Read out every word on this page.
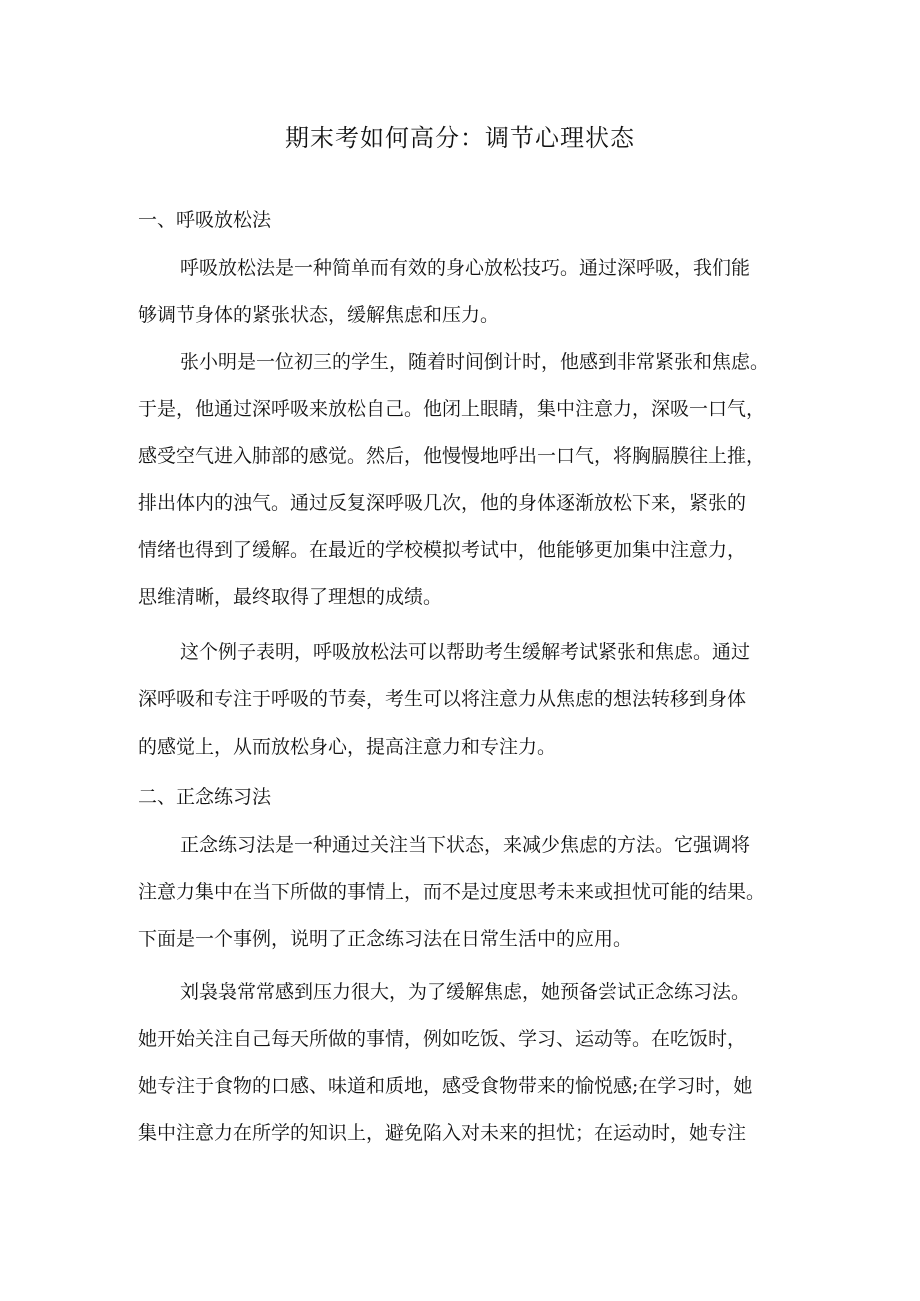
期末考如何高分：调节心理状态

一、呼吸放松法

呼吸放松法是一种简单而有效的身心放松技巧。通过深呼吸，我们能

够调节身体的紧张状态，缓解焦虑和压力。

张小明是一位初三的学生，随着时间倒计时，他感到非常紧张和焦虑。

于是，他通过深呼吸来放松自己。他闭上眼睛，集中注意力，深吸一口气，

感受空气进入肺部的感觉。然后，他慢慢地呼出一口气，将胸膈膜往上推，

排出体内的浊气。通过反复深呼吸几次，他的身体逐渐放松下来，紧张的

情绪也得到了缓解。在最近的学校模拟考试中，他能够更加集中注意力，

思维清晰，最终取得了理想的成绩。

这个例子表明，呼吸放松法可以帮助考生缓解考试紧张和焦虑。通过

深呼吸和专注于呼吸的节奏，考生可以将注意力从焦虑的想法转移到身体

的感觉上，从而放松身心，提高注意力和专注力。

二、正念练习法

正念练习法是一种通过关注当下状态，来减少焦虑的方法。它强调将

注意力集中在当下所做的事情上，而不是过度思考未来或担忧可能的结果。

下面是一个事例，说明了正念练习法在日常生活中的应用。

刘袅袅常常感到压力很大，为了缓解焦虑，她预备尝试正念练习法。

她开始关注自己每天所做的事情，例如吃饭、学习、运动等。在吃饭时，

她专注于食物的口感、味道和质地，感受食物带来的愉悦感;在学习时，她

集中注意力在所学的知识上，避免陷入对未来的担忧；在运动时，她专注
